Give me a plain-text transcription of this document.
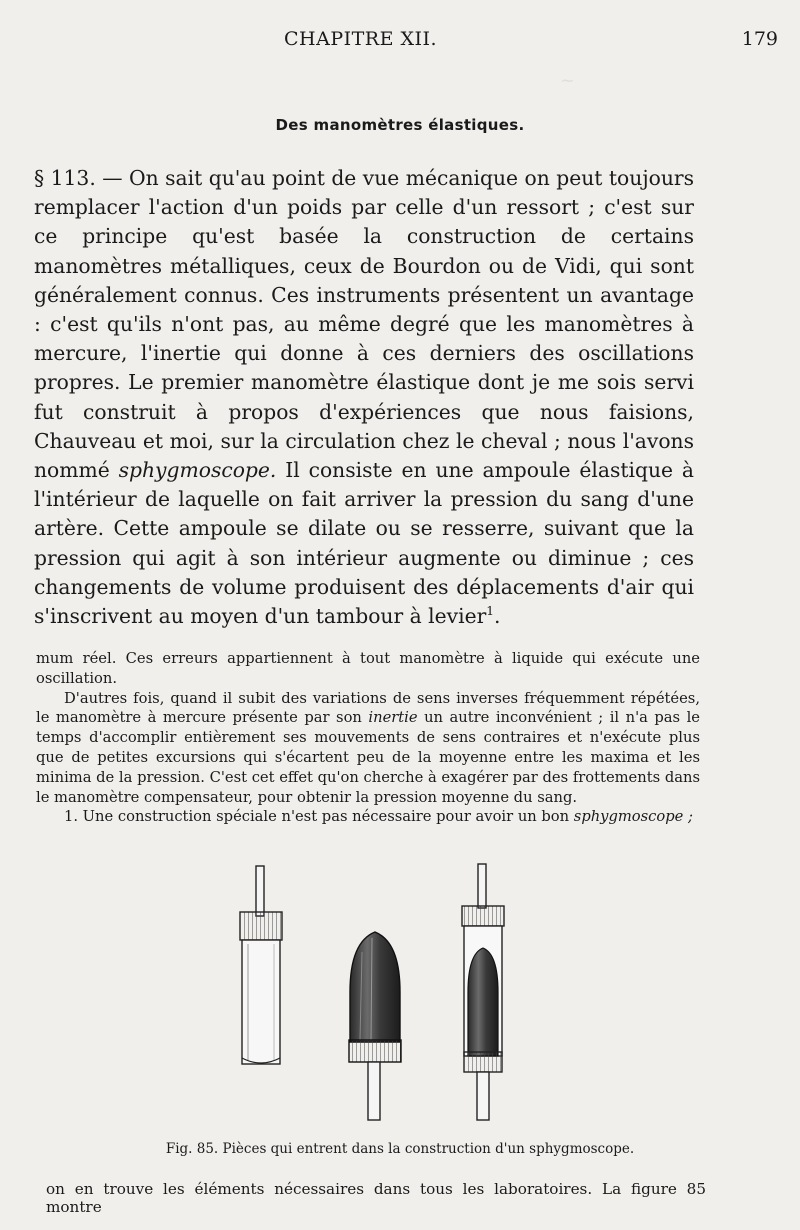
~
CHAPITRE XII.	179
Des manomètres élastiques.

§ 113. — On sait qu'au point de vue mécanique on peut toujours remplacer l'action d'un poids par celle d'un ressort ; c'est sur ce principe qu'est basée la construction de certains manomètres métalliques, ceux de Bourdon ou de Vidi, qui sont généralement connus. Ces instruments présentent un avantage : c'est qu'ils n'ont pas, au même degré que les manomètres à mercure, l'inertie qui donne à ces derniers des oscillations propres. Le premier manomètre élastique dont je me sois servi fut construit à propos d'expériences que nous faisions, Chauveau et moi, sur la circulation chez le cheval ; nous l'avons nommé sphygmoscope. Il consiste en une ampoule élastique à l'intérieur de laquelle on fait arriver la pression du sang d'une artère. Cette ampoule se dilate ou se resserre, suivant que la pression qui agit à son intérieur augmente ou diminue ; ces changements de volume produisent des déplacements d'air qui s'inscrivent au moyen d'un tambour à levier$^1$.

mum réel. Ces erreurs appartiennent à tout manomètre à liquide qui exécute une oscillation.

D'autres fois, quand il subit des variations de sens inverses fréquemment répétées, le manomètre à mercure présente par son inertie un autre inconvénient ; il n'a pas le temps d'accomplir entièrement ses mouvements de sens contraires et n'exécute plus que de petites excursions qui s'écartent peu de la moyenne entre les maxima et les minima de la pression. C'est cet effet qu'on cherche à exagérer par des frottements dans le manomètre compensateur, pour obtenir la pression moyenne du sang.

1. Une construction spéciale n'est pas nécessaire pour avoir un bon sphygmoscope ;

Fig. 85. Pièces qui entrent dans la construction d'un sphygmoscope.
on en trouve les éléments nécessaires dans tous les laboratoires. La figure 85 montre
